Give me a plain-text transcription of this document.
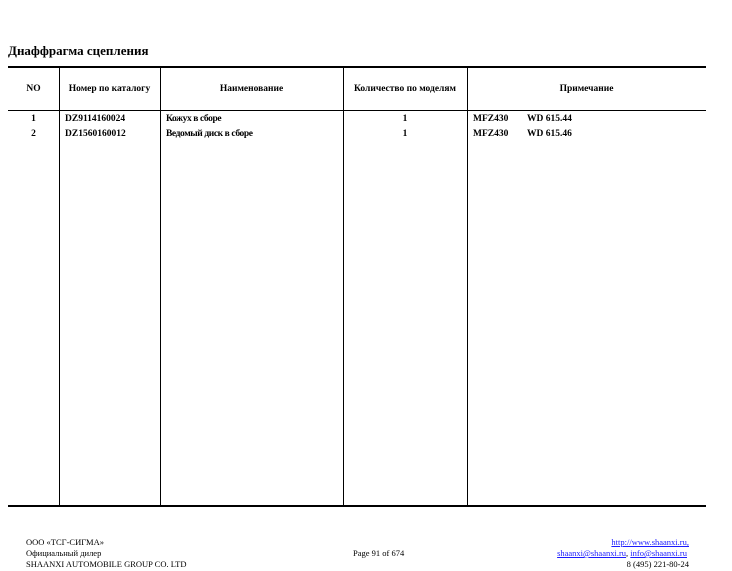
Днаффрагма сцепления
NO	Номер по каталогу	Наименование	Количество по моделям	Примечание
1	DZ9114160024	Кожух в сборе	1	MFZ430 WD 615.44
2	DZ1560160012	Ведомый диск в сборе	1	MFZ430 WD 615.46
ООО «ТСГ-СИГМА»
Официальный дилер
SHAANXI AUTOMOBILE GROUP CO. LTD
Page 91 of 674
http://www.shaanxi.ru,
shaanxi@shaanxi.ru, info@shaanxi.ru
8 (495) 221-80-24
